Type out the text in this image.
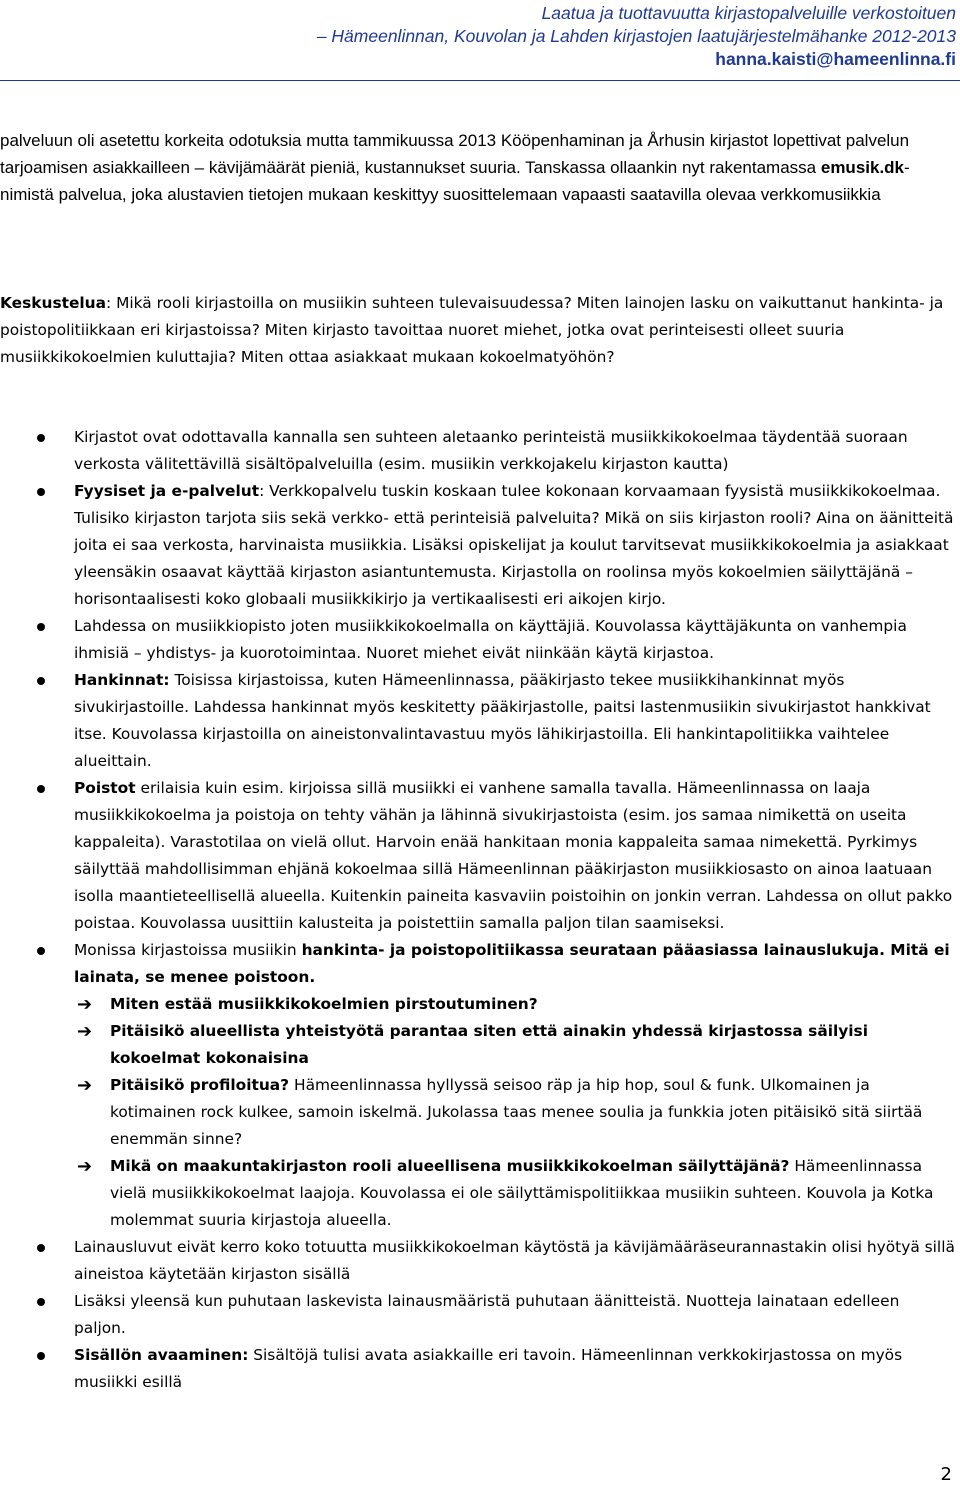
Laatua ja tuottavuutta kirjastopalveluille verkostoituen
– Hämeenlinnan, Kouvolan ja Lahden kirjastojen laatujärjestelmähanke 2012-2013
hanna.kaisti@hameenlinna.fi

palveluun oli asetettu korkeita odotuksia mutta tammikuussa 2013 Kööpenhaminan ja Århusin kirjastot lopettivat palvelun tarjoamisen asiakkailleen – kävijämäärät pieniä, kustannukset suuria. Tanskassa ollaankin nyt rakentamassa emusik.dk-nimistä palvelua, joka alustavien tietojen mukaan keskittyy suosittelemaan vapaasti saatavilla olevaa verkkomusiikkia

Keskustelua: Mikä rooli kirjastoilla on musiikin suhteen tulevaisuudessa? Miten lainojen lasku on vaikuttanut hankinta- ja poistopolitiikkaan eri kirjastoissa? Miten kirjasto tavoittaa nuoret miehet, jotka ovat perinteisesti olleet suuria musiikkikokoelmien kuluttajia? Miten ottaa asiakkaat mukaan kokoelmatyöhön?

Kirjastot ovat odottavalla kannalla sen suhteen aletaanko perinteistä musiikkikokoelmaa täydentää suoraan verkosta välitettävillä sisältöpalveluilla (esim. musiikin verkkojakelu kirjaston kautta)
Fyysiset ja e-palvelut: Verkkopalvelu tuskin koskaan tulee kokonaan korvaamaan fyysistä musiikkikokoelmaa. Tulisiko kirjaston tarjota siis sekä verkko- että perinteisiä palveluita? Mikä on siis kirjaston rooli? Aina on äänitteitä joita ei saa verkosta, harvinaista musiikkia. Lisäksi opiskelijat ja koulut tarvitsevat musiikkikokoelmia ja asiakkaat yleensäkin osaavat käyttää kirjaston asiantuntemusta. Kirjastolla on roolinsa myös kokoelmien säilyttäjänä – horisontaalisesti koko globaali musiikkikirjo ja vertikaalisesti eri aikojen kirjo.
Lahdessa on musiikkiopisto joten musiikkikokoelmalla on käyttäjiä. Kouvolassa käyttäjäkunta on vanhempia ihmisiä – yhdistys- ja kuorotoimintaa. Nuoret miehet eivät niinkään käytä kirjastoa.
Hankinnat: Toisissa kirjastoissa, kuten Hämeenlinnassa, pääkirjasto tekee musiikkihankinnat myös sivukirjastoille. Lahdessa hankinnat myös keskitetty pääkirjastolle, paitsi lastenmusiikin sivukirjastot hankkivat itse. Kouvolassa kirjastoilla on aineistonvalintavastuu myös lähikirjastoilla. Eli hankintapolitiikka vaihtelee alueittain.
Poistot erilaisia kuin esim. kirjoissa sillä musiikki ei vanhene samalla tavalla. Hämeenlinnassa on laaja musiikkikokoelma ja poistoja on tehty vähän ja lähinnä sivukirjastoista (esim. jos samaa nimikettä on useita kappaleita). Varastotilaa on vielä ollut. Harvoin enää hankitaan monia kappaleita samaa nimekettä. Pyrkimys säilyttää mahdollisimman ehjänä kokoelmaa sillä Hämeenlinnan pääkirjaston musiikkiosasto on ainoa laatuaan isolla maantieteellisellä alueella. Kuitenkin paineita kasvaviin poistoihin on jonkin verran. Lahdessa on ollut pakko poistaa. Kouvolassa uusittiin kalusteita ja poistettiin samalla paljon tilan saamiseksi.
Monissa kirjastoissa musiikin hankinta- ja poistopolitiikassa seurataan pääasiassa lainauslukuja. Mitä ei lainata, se menee poistoon.
➔ Miten estää musiikkikokoelmien pirstoutuminen?
➔ Pitäisikö alueellista yhteistyötä parantaa siten että ainakin yhdessä kirjastossa säilyisi kokoelmat kokonaisina
➔ Pitäisikö profiloitua? Hämeenlinnassa hyllyssä seisoo räp ja hip hop, soul & funk. Ulkomainen ja kotimainen rock kulkee, samoin iskelmä. Jukolassa taas menee soulia ja funkkia joten pitäisikö sitä siirtää enemmän sinne?
➔ Mikä on maakuntakirjaston rooli alueellisena musiikkikokoelman säilyttäjänä? Hämeenlinnassa vielä musiikkikokoelmat laajoja. Kouvolassa ei ole säilyttämispolitiikkaa musiikin suhteen. Kouvola ja Kotka molemmat suuria kirjastoja alueella.
Lainausluvut eivät kerro koko totuutta musiikkikokoelman käytöstä ja kävijämääräseurannastakin olisi hyötyä sillä aineistoa käytetään kirjaston sisällä
Lisäksi yleensä kun puhutaan laskevista lainausmääristä puhutaan äänitteistä. Nuotteja lainataan edelleen paljon.
Sisällön avaaminen: Sisältöjä tulisi avata asiakkaille eri tavoin. Hämeenlinnan verkkokirjastossa on myös musiikki esillä
2
